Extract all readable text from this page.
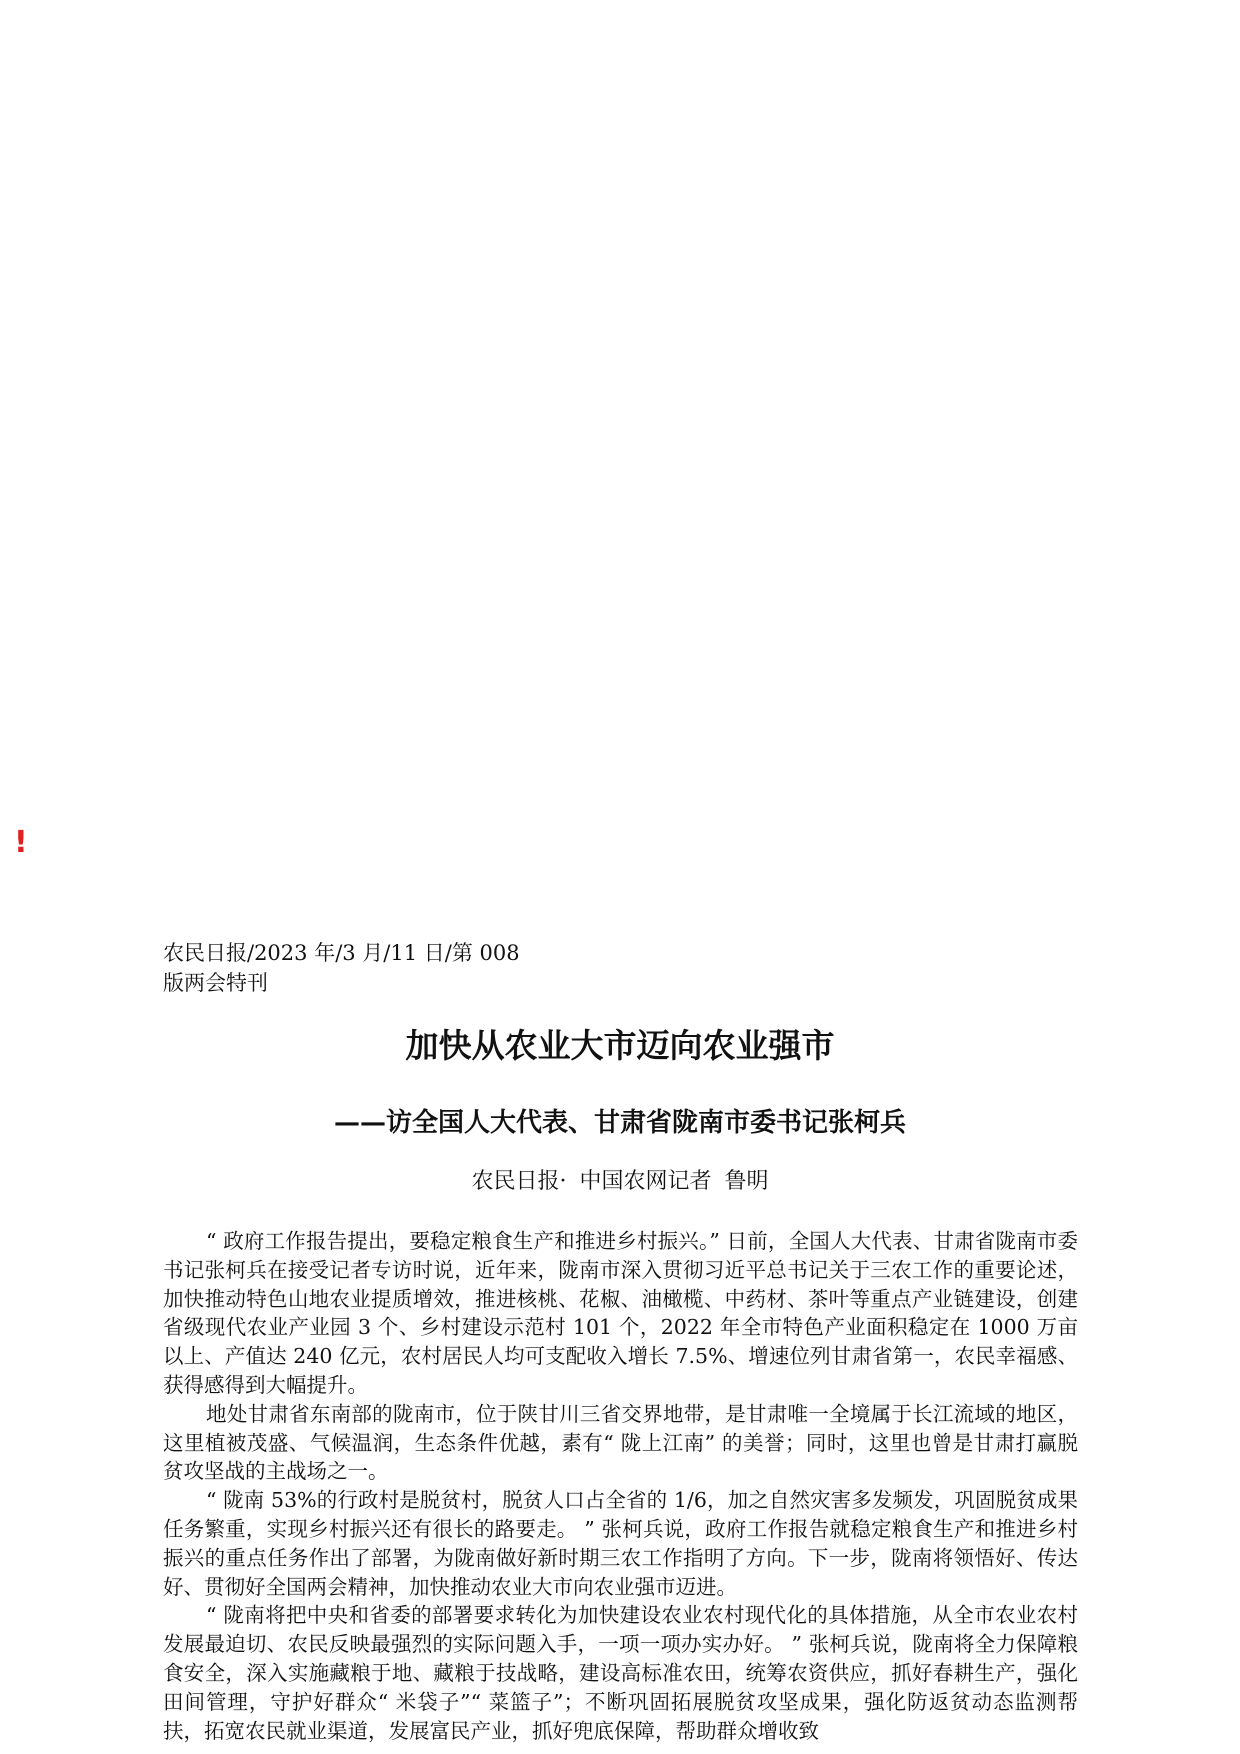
!
农民日报/2023 年/3 月/11 日/第 008
版两会特刊
加快从农业大市迈向农业强市
——访全国人大代表、甘肃省陇南市委书记张柯兵
农民日报· 中国农网记者 鲁明

“ 政府工作报告提出，要稳定粮食生产和推进乡村振兴。” 日前，全国人大代表、甘肃省陇南市委书记张柯兵在接受记者专访时说，近年来，陇南市深入贯彻习近平总书记关于三农工作的重要论述，加快推动特色山地农业提质增效，推进核桃、花椒、油橄榄、中药材、茶叶等重点产业链建设，创建省级现代农业产业园 3 个、乡村建设示范村 101 个，2022 年全市特色产业面积稳定在 1000 万亩以上、产值达 240 亿元，农村居民人均可支配收入增长 7.5%、增速位列甘肃省第一，农民幸福感、获得感得到大幅提升。

地处甘肃省东南部的陇南市，位于陕甘川三省交界地带，是甘肃唯一全境属于长江流域的地区，这里植被茂盛、气候温润，生态条件优越，素有“ 陇上江南” 的美誉；同时，这里也曾是甘肃打赢脱贫攻坚战的主战场之一。

“ 陇南 53%的行政村是脱贫村，脱贫人口占全省的 1/6，加之自然灾害多发频发，巩固脱贫成果任务繁重，实现乡村振兴还有很长的路要走。 ” 张柯兵说，政府工作报告就稳定粮食生产和推进乡村振兴的重点任务作出了部署，为陇南做好新时期三农工作指明了方向。下一步，陇南将领悟好、传达好、贯彻好全国两会精神，加快推动农业大市向农业强市迈进。

“ 陇南将把中央和省委的部署要求转化为加快建设农业农村现代化的具体措施，从全市农业农村发展最迫切、农民反映最强烈的实际问题入手，一项一项办实办好。 ” 张柯兵说，陇南将全力保障粮食安全，深入实施藏粮于地、藏粮于技战略，建设高标准农田，统筹农资供应，抓好春耕生产，强化田间管理，守护好群众“ 米袋子”“ 菜篮子”；不断巩固拓展脱贫攻坚成果，强化防返贫动态监测帮扶，拓宽农民就业渠道，发展富民产业，抓好兜底保障，帮助群众增收致
